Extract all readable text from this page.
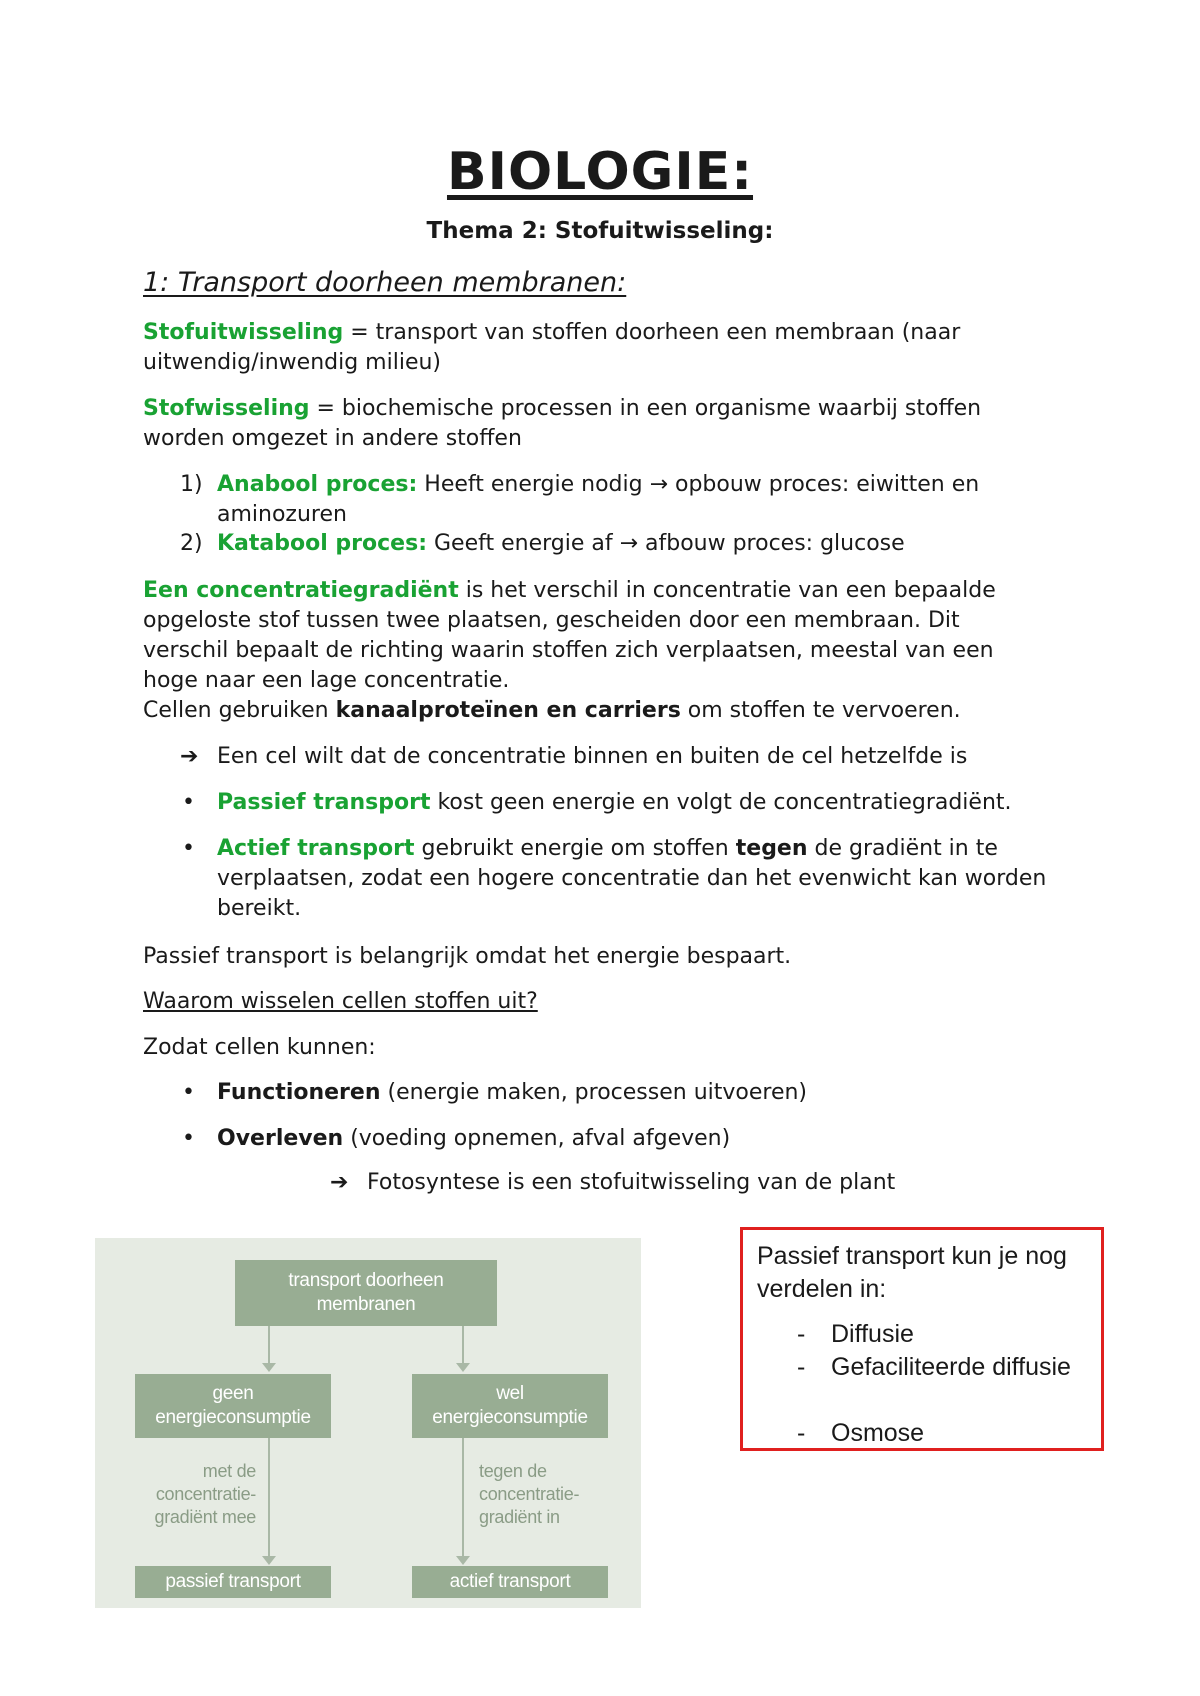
BIOLOGIE:
Thema 2: Stofuitwisseling:
1: Transport doorheen membranen:
Stofuitwisseling = transport van stoffen doorheen een membraan (naar
uitwendig/inwendig milieu)
Stofwisseling = biochemische processen in een organisme waarbij stoffen
worden omgezet in andere stoffen
1) Anabool proces: Heeft energie nodig → opbouw proces: eiwitten en
aminozuren
2) Katabool proces: Geeft energie af → afbouw proces: glucose
Een concentratiegradiënt is het verschil in concentratie van een bepaalde
opgeloste stof tussen twee plaatsen, gescheiden door een membraan. Dit
verschil bepaalt de richting waarin stoffen zich verplaatsen, meestal van een
hoge naar een lage concentratie.
Cellen gebruiken kanaalproteïnen en carriers om stoffen te vervoeren.
➔ Een cel wilt dat de concentratie binnen en buiten de cel hetzelfde is
• Passief transport kost geen energie en volgt de concentratiegradiënt.
• Actief transport gebruikt energie om stoffen tegen de gradiënt in te
verplaatsen, zodat een hogere concentratie dan het evenwicht kan worden
bereikt.
Passief transport is belangrijk omdat het energie bespaart.
Waarom wisselen cellen stoffen uit?
Zodat cellen kunnen:
• Functioneren (energie maken, processen uitvoeren)
• Overleven (voeding opnemen, afval afgeven)
➔ Fotosyntese is een stofuitwisseling van de plant
transport doorheen
membranen
geen
energieconsumptie
wel
energieconsumptie
met de
concentratie-
gradiënt mee
tegen de
concentratie-
gradiënt in
passief transport	actief transport
Passief transport kun je nog verdelen in:
- Diffusie
- Gefaciliteerde diffusie
- Osmose
